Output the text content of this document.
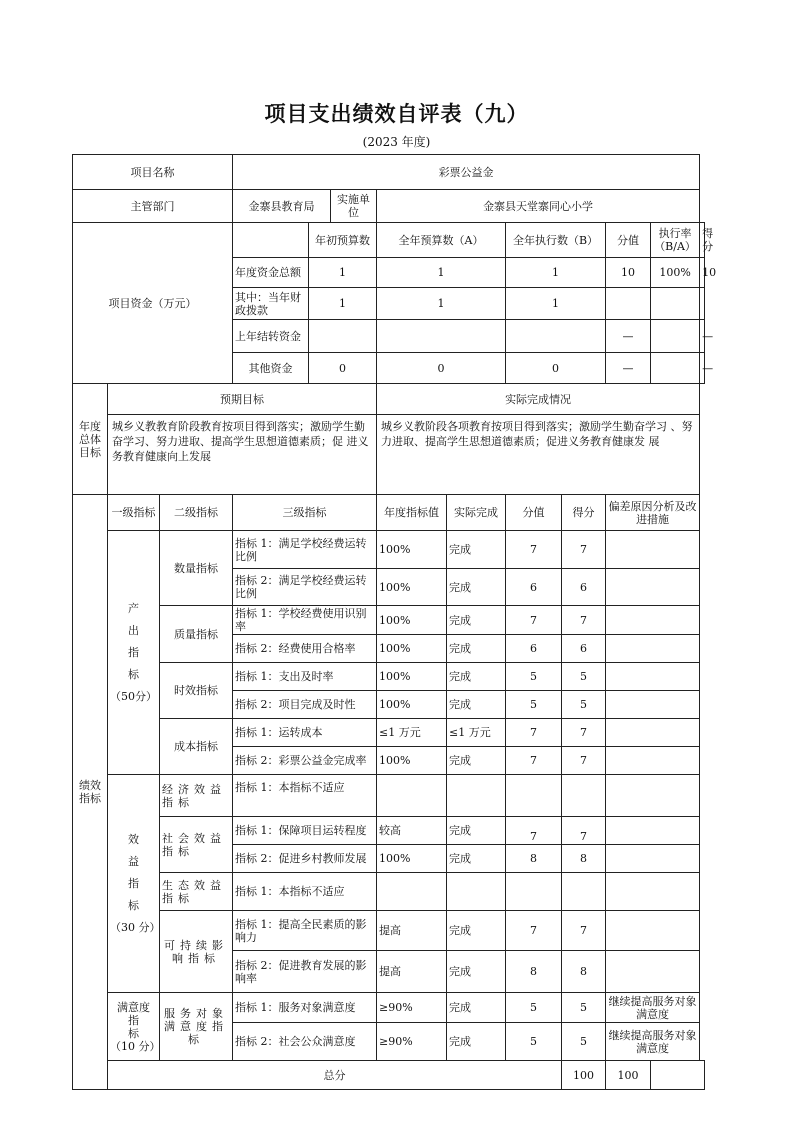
项目支出绩效自评表（九）
(2023 年度)
项目名称			彩票公益金									
主管部门			金寨县教育局		实施单位	金寨县天堂寨同心小学						
项目资金（万元）				年初预算数		全年预算数（A）		全年执行数（B）		分值	执行率（B/A）	得分
			年度资金总额	1		1		1		10	100%	10
			其中：当年财政拨款	1		1		1				
			上年结转资金							—		—
			其他资金	0		0		0		—		—
年度总体目标	预期目标					实际完成情况						
	城乡义教教育阶段教育按项目得到落实；激励学生勤奋学习、努力进取、提高学生思想道德素质；促 进义务教育健康向上发展					城乡义教阶段各项教育按项目得到落实；激励学生勤奋学习 、努力进取、提高学生思想道德素质；促进义务教育健康发 展						
绩效指标	一级指标	二级指标	三级指标			年度指标值	实际完成	分值	得分	偏差原因分析及改进措施		
	产
出
指
标
（50分）	数量指标	指标 1：满足学校经费运转比例			100%	完成	7	7			
			指标 2：满足学校经费运转比例			100%	完成	6	6			
		质量指标	指标 1：学校经费使用识别率			100%	完成	7	7			
			指标 2：经费使用合格率			100%	完成	6	6			
		时效指标	指标 1：支出及时率			100%	完成	5	5			
			指标 2：项目完成及时性			100%	完成	5	5			
		成本指标	指标 1：运转成本			≤1 万元	≤1 万元	7	7			
			指标 2：彩票公益金完成率			100%	完成	7	7			
	效
益
指
标
（30 分）	经济效益指标	指标 1：本指标不适应									
		社会效益指标	指标 1：保障项目运转程度			较高	完成	7	7			
			指标 2：促进乡村教师发展			100%	完成	8	8			
		生态效益指标	指标 1：本指标不适应									
		可持续影响指标	指标 1：提高全民素质的影响力			提高	完成	7	7			
			指标 2：促进教育发展的影响率			提高	完成	8	8			
	满意度
指
标
（10 分）	服务对象满意度指标	指标 1：服务对象满意度			≥90%	完成	5	5	继续提高服务对象满意度		
			指标 2：社会公众满意度			≥90%	完成	5	5	继续提高服务对象满意度		
	总分								100	100		
